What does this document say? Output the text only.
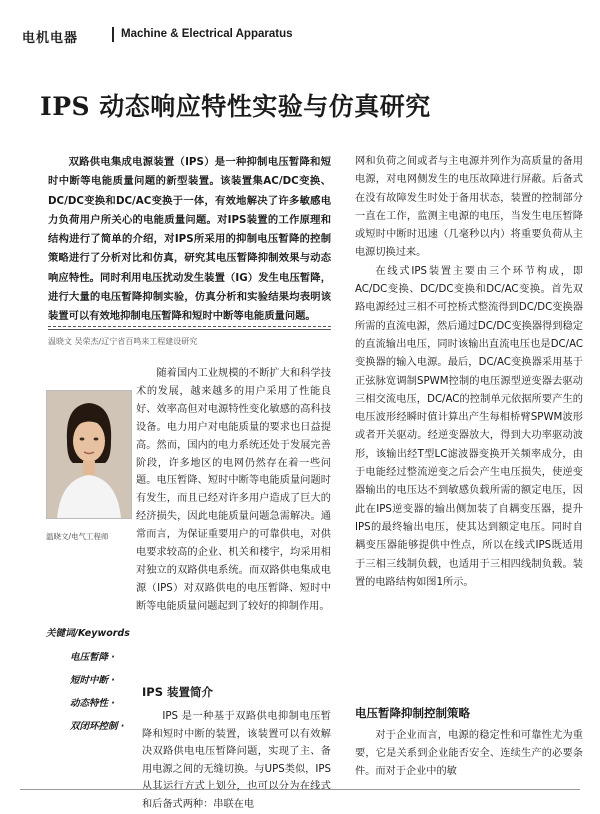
电机电器	Machine & Electrical Apparatus
IPS 动态响应特性实验与仿真研究

双路供电集成电源装置（IPS）是一种抑制电压暂降和短时中断等电能质量问题的新型装置。该装置集AC/DC变换、DC/DC变换和DC/AC变换于一体，有效地解决了许多敏感电力负荷用户所关心的电能质量问题。对IPS装置的工作原理和结构进行了简单的介绍，对IPS所采用的抑制电压暂降的控制策略进行了分析对比和仿真，研究其电压暂降抑制效果与动态响应特性。同时利用电压扰动发生装置（IG）发生电压暂降，进行大量的电压暂降抑制实验，仿真分析和实验结果均表明该装置可以有效地抑制电压暂降和短时中断等电能质量问题。

温晓文 吴荣杰/辽宁省百鸣来工程建设研究
温晓文/电气工程师
关键词/Keywords
电压暂降 ·
短时中断 ·
动态特性 ·
双闭环控制 ·

随着国内工业规模的不断扩大和科学技术的发展，越来越多的用户采用了性能良好、效率高但对电源特性变化敏感的高科技设备。电力用户对电能质量的要求也日益提高。然而，国内的电力系统还处于发展完善阶段，许多地区的电网仍然存在着一些问题。电压暂降、短时中断等电能质量问题时有发生，而且已经对许多用户造成了巨大的经济损失，因此电能质量问题急需解决。通常而言，为保证重要用户的可靠供电，对供电要求较高的企业、机关和楼宇，均采用相对独立的双路供电系统。而双路供电集成电源（IPS）对双路供电的电压暂降、短时中断等电能质量问题起到了较好的抑制作用。

IPS 装置简介

IPS 是一种基于双路供电抑制电压暂降和短时中断的装置，该装置可以有效解决双路供电电压暂降问题，实现了主、备用电源之间的无缝切换。与UPS类似，IPS从其运行方式上划分，也可以分为在线式和后备式两种：串联在电

网和负荷之间或者与主电源并列作为高质量的备用电源，对电网侧发生的电压故障进行屏蔽。后备式在没有故障发生时处于备用状态，装置的控制部分一直在工作，监测主电源的电压，当发生电压暂降或短时中断时迅速（几毫秒以内）将重要负荷从主电源切换过来。

在线式IPS装置主要由三个环节构成，即AC/DC变换、DC/DC变换和DC/AC变换。首先双路电源经过三相不可控桥式整流得到DC/DC变换器所需的直流电源，然后通过DC/DC变换器得到稳定的直流输出电压，同时该输出直流电压也是DC/AC变换器的输入电源。最后，DC/AC变换器采用基于正弦脉宽调制SPWM控制的电压源型逆变器去驱动三相交流电压，DC/AC的控制单元依据所要产生的电压波形经瞬时值计算出产生每相桥臂SPWM波形或者开关驱动。经逆变器放大，得到大功率驱动波形，该输出经T型LC滤波器变换开关频率成分，由于电能经过整流逆变之后会产生电压损失，使逆变器输出的电压达不到敏感负载所需的额定电压，因此在IPS逆变器的输出侧加装了自耦变压器，提升IPS的最终输出电压，使其达到额定电压。同时自耦变压器能够提供中性点，所以在线式IPS既适用于三相三线制负载，也适用于三相四线制负载。装置的电路结构如图1所示。

电压暂降抑制控制策略

对于企业而言，电源的稳定性和可靠性尤为重要，它是关系到企业能否安全、连续生产的必要条件。而对于企业中的敏
